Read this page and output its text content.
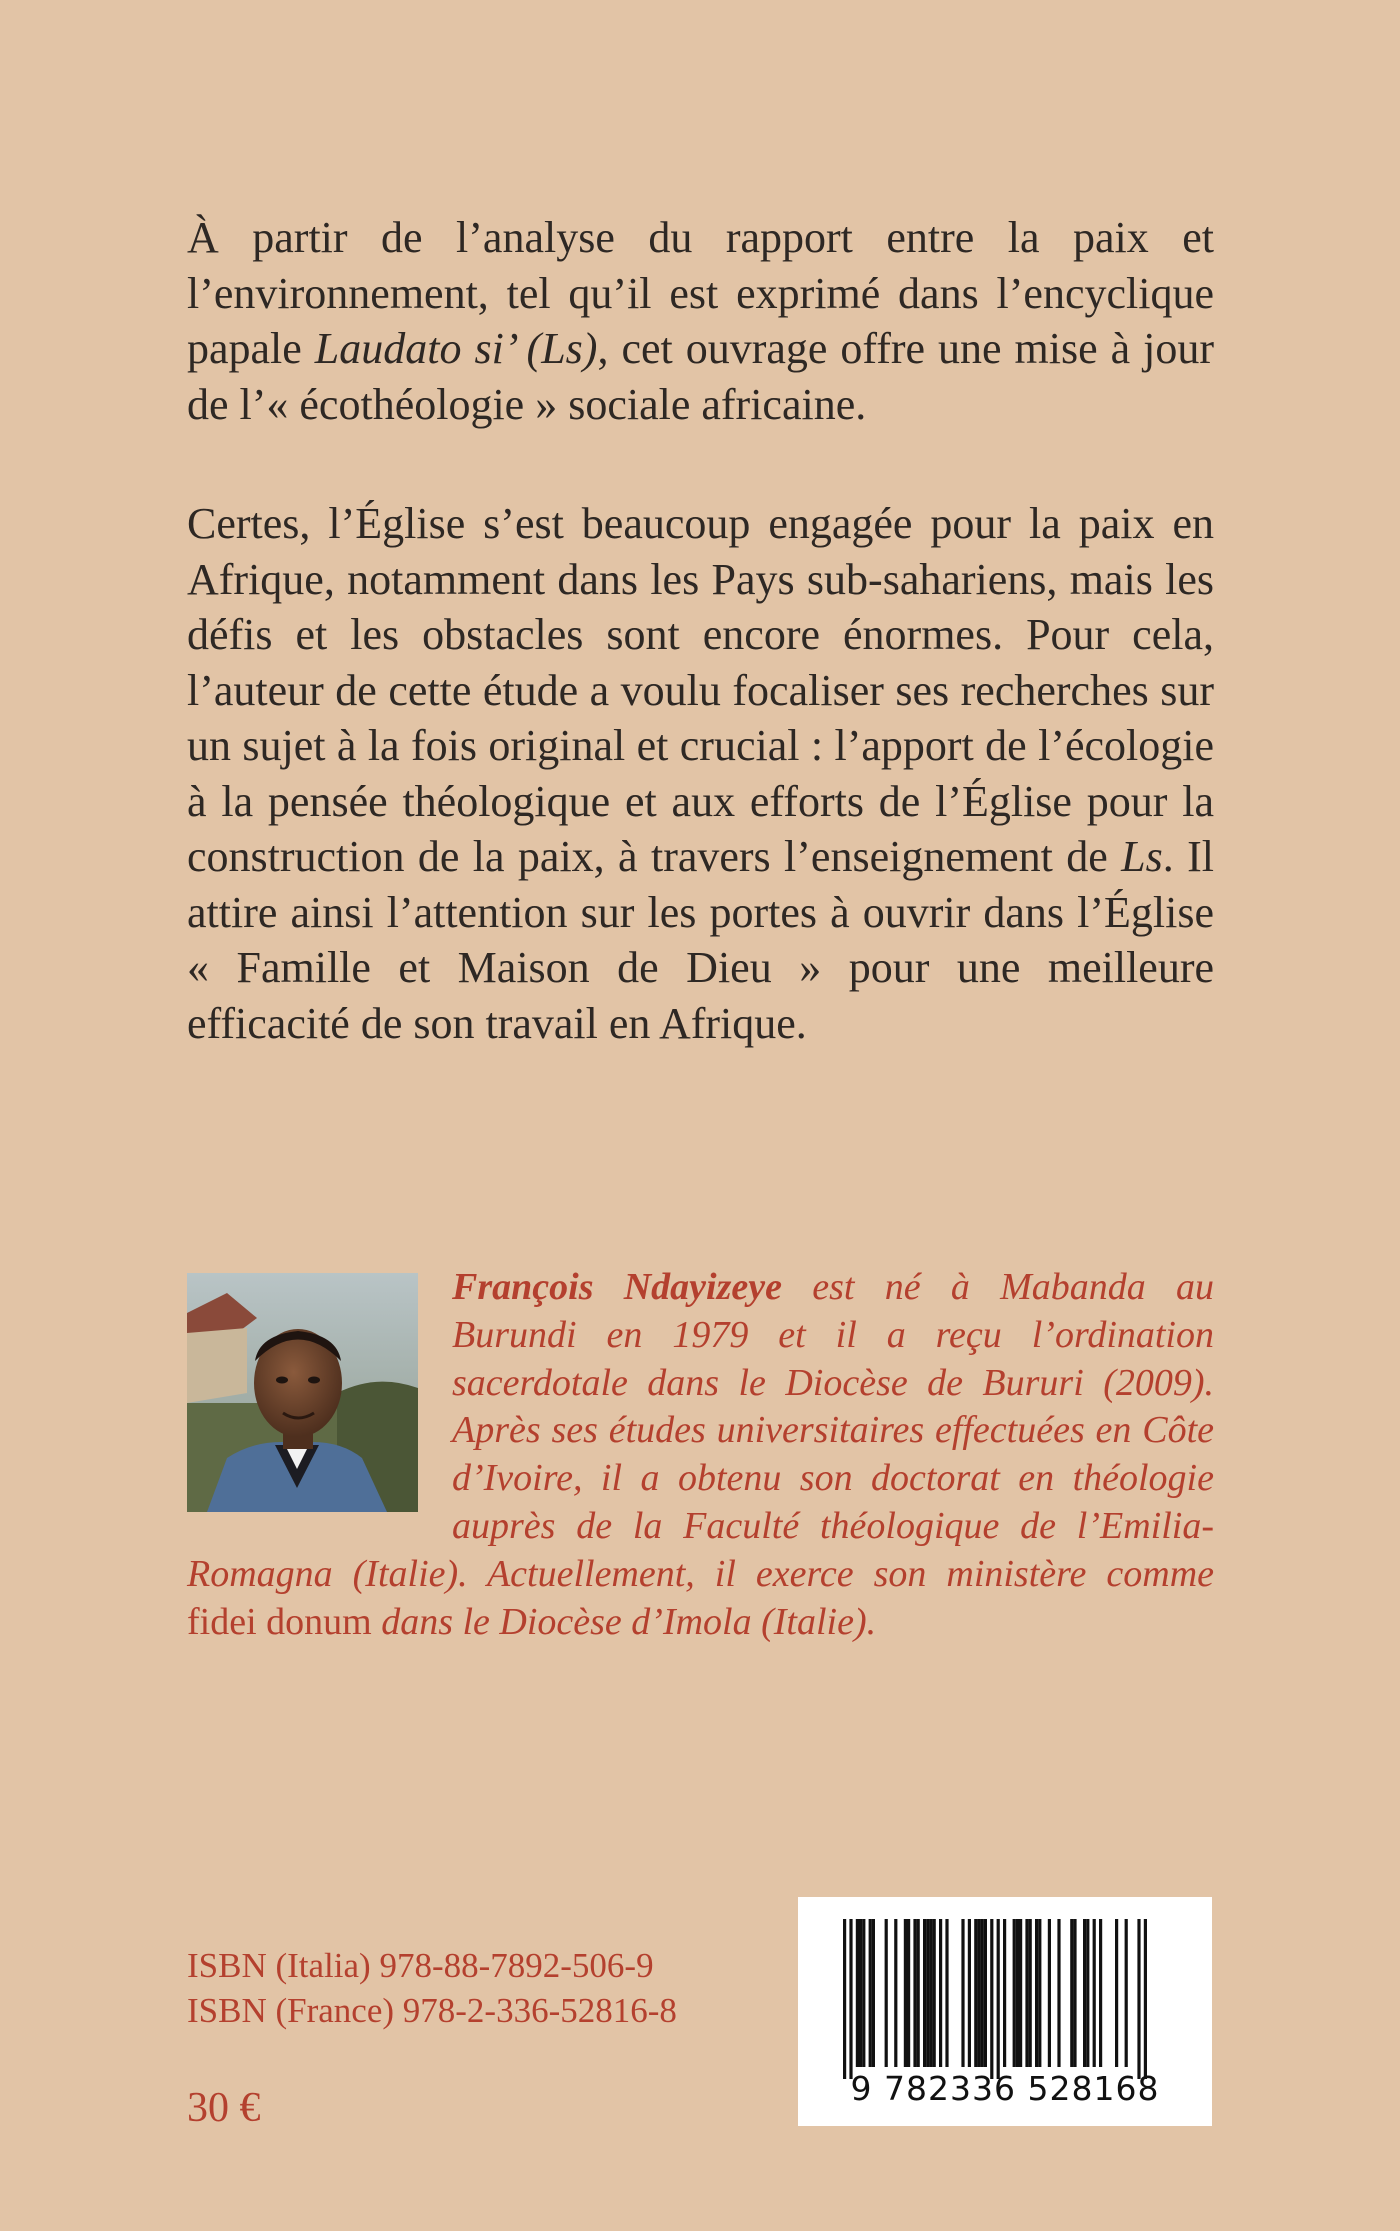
À partir de l’analyse du rapport entre la paix et l’environnement, tel qu’il est exprimé dans l’encyclique papale Laudato si’ (Ls), cet ouvrage offre une mise à jour de l’« écothéologie » sociale africaine.

Certes, l’Église s’est beaucoup engagée pour la paix en Afrique, notamment dans les Pays sub-sahariens, mais les défis et les obstacles sont encore énormes. Pour cela, l’auteur de cette étude a voulu focaliser ses recherches sur un sujet à la fois original et crucial : l’apport de l’écologie à la pensée théologique et aux efforts de l’Église pour la construction de la paix, à travers l’enseignement de Ls. Il attire ainsi l’attention sur les portes à ouvrir dans l’Église « Famille et Maison de Dieu » pour une meilleure efficacité de son travail en Afrique.

François Ndayizeye est né à Mabanda au Burundi en 1979 et il a reçu l’ordination sacerdotale dans le Diocèse de Bururi (2009). Après ses études universitaires effectuées en Côte d’Ivoire, il a obtenu son doctorat en théologie auprès de la Faculté théologique de l’Emilia-Romagna (Italie). Actuellement, il exerce son ministère comme fidei donum dans le Diocèse d’Imola (Italie).

ISBN (Italia) 978-88-7892-506-9
ISBN (France) 978-2-336-52816-8
30 €	9 782336 528168
